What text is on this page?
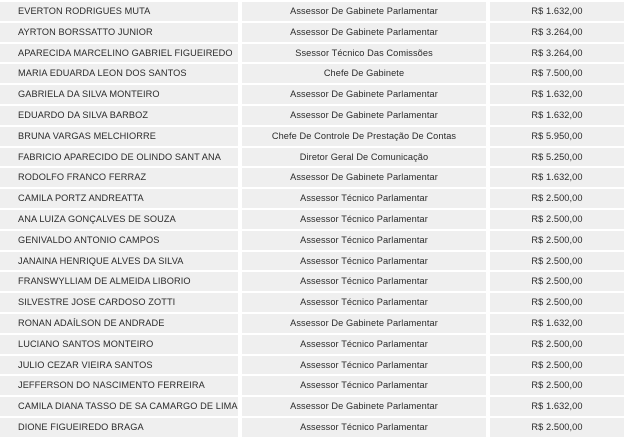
EVERTON RODRIGUES MUTA	Assessor De Gabinete Parlamentar	R$ 1.632,00
AYRTON BORSSATTO JUNIOR	Assessor De Gabinete Parlamentar	R$ 3.264,00
APARECIDA MARCELINO GABRIEL FIGUEIREDO	Ssessor Técnico Das Comissões	R$ 3.264,00
MARIA EDUARDA LEON DOS SANTOS	Chefe De Gabinete	R$ 7.500,00
GABRIELA DA SILVA MONTEIRO	Assessor De Gabinete Parlamentar	R$ 1.632,00
EDUARDO DA SILVA BARBOZ	Assessor De Gabinete Parlamentar	R$ 1.632,00
BRUNA VARGAS MELCHIORRE	Chefe De Controle De Prestação De Contas	R$ 5.950,00
FABRICIO APARECIDO DE OLINDO SANT ANA	Diretor Geral De Comunicação	R$ 5.250,00
RODOLFO FRANCO FERRAZ	Assessor De Gabinete Parlamentar	R$ 1.632,00
CAMILA PORTZ ANDREATTA	Assessor Técnico Parlamentar	R$ 2.500,00
ANA LUIZA GONÇALVES DE SOUZA	Assessor Técnico Parlamentar	R$ 2.500,00
GENIVALDO ANTONIO CAMPOS	Assessor Técnico Parlamentar	R$ 2.500,00
JANAINA HENRIQUE ALVES DA SILVA	Assessor Técnico Parlamentar	R$ 2.500,00
FRANSWYLLIAM DE ALMEIDA LIBORIO	Assessor Técnico Parlamentar	R$ 2.500,00
SILVESTRE JOSE CARDOSO ZOTTI	Assessor Técnico Parlamentar	R$ 2.500,00
RONAN ADAÍLSON DE ANDRADE	Assessor De Gabinete Parlamentar	R$ 1.632,00
LUCIANO SANTOS MONTEIRO	Assessor Técnico Parlamentar	R$ 2.500,00
JULIO CEZAR VIEIRA SANTOS	Assessor Técnico Parlamentar	R$ 2.500,00
JEFFERSON DO NASCIMENTO FERREIRA	Assessor Técnico Parlamentar	R$ 2.500,00
CAMILA DIANA TASSO DE SA CAMARGO DE LIMA	Assessor De Gabinete Parlamentar	R$ 1.632,00
DIONE FIGUEIREDO BRAGA	Assessor Técnico Parlamentar	R$ 2.500,00
